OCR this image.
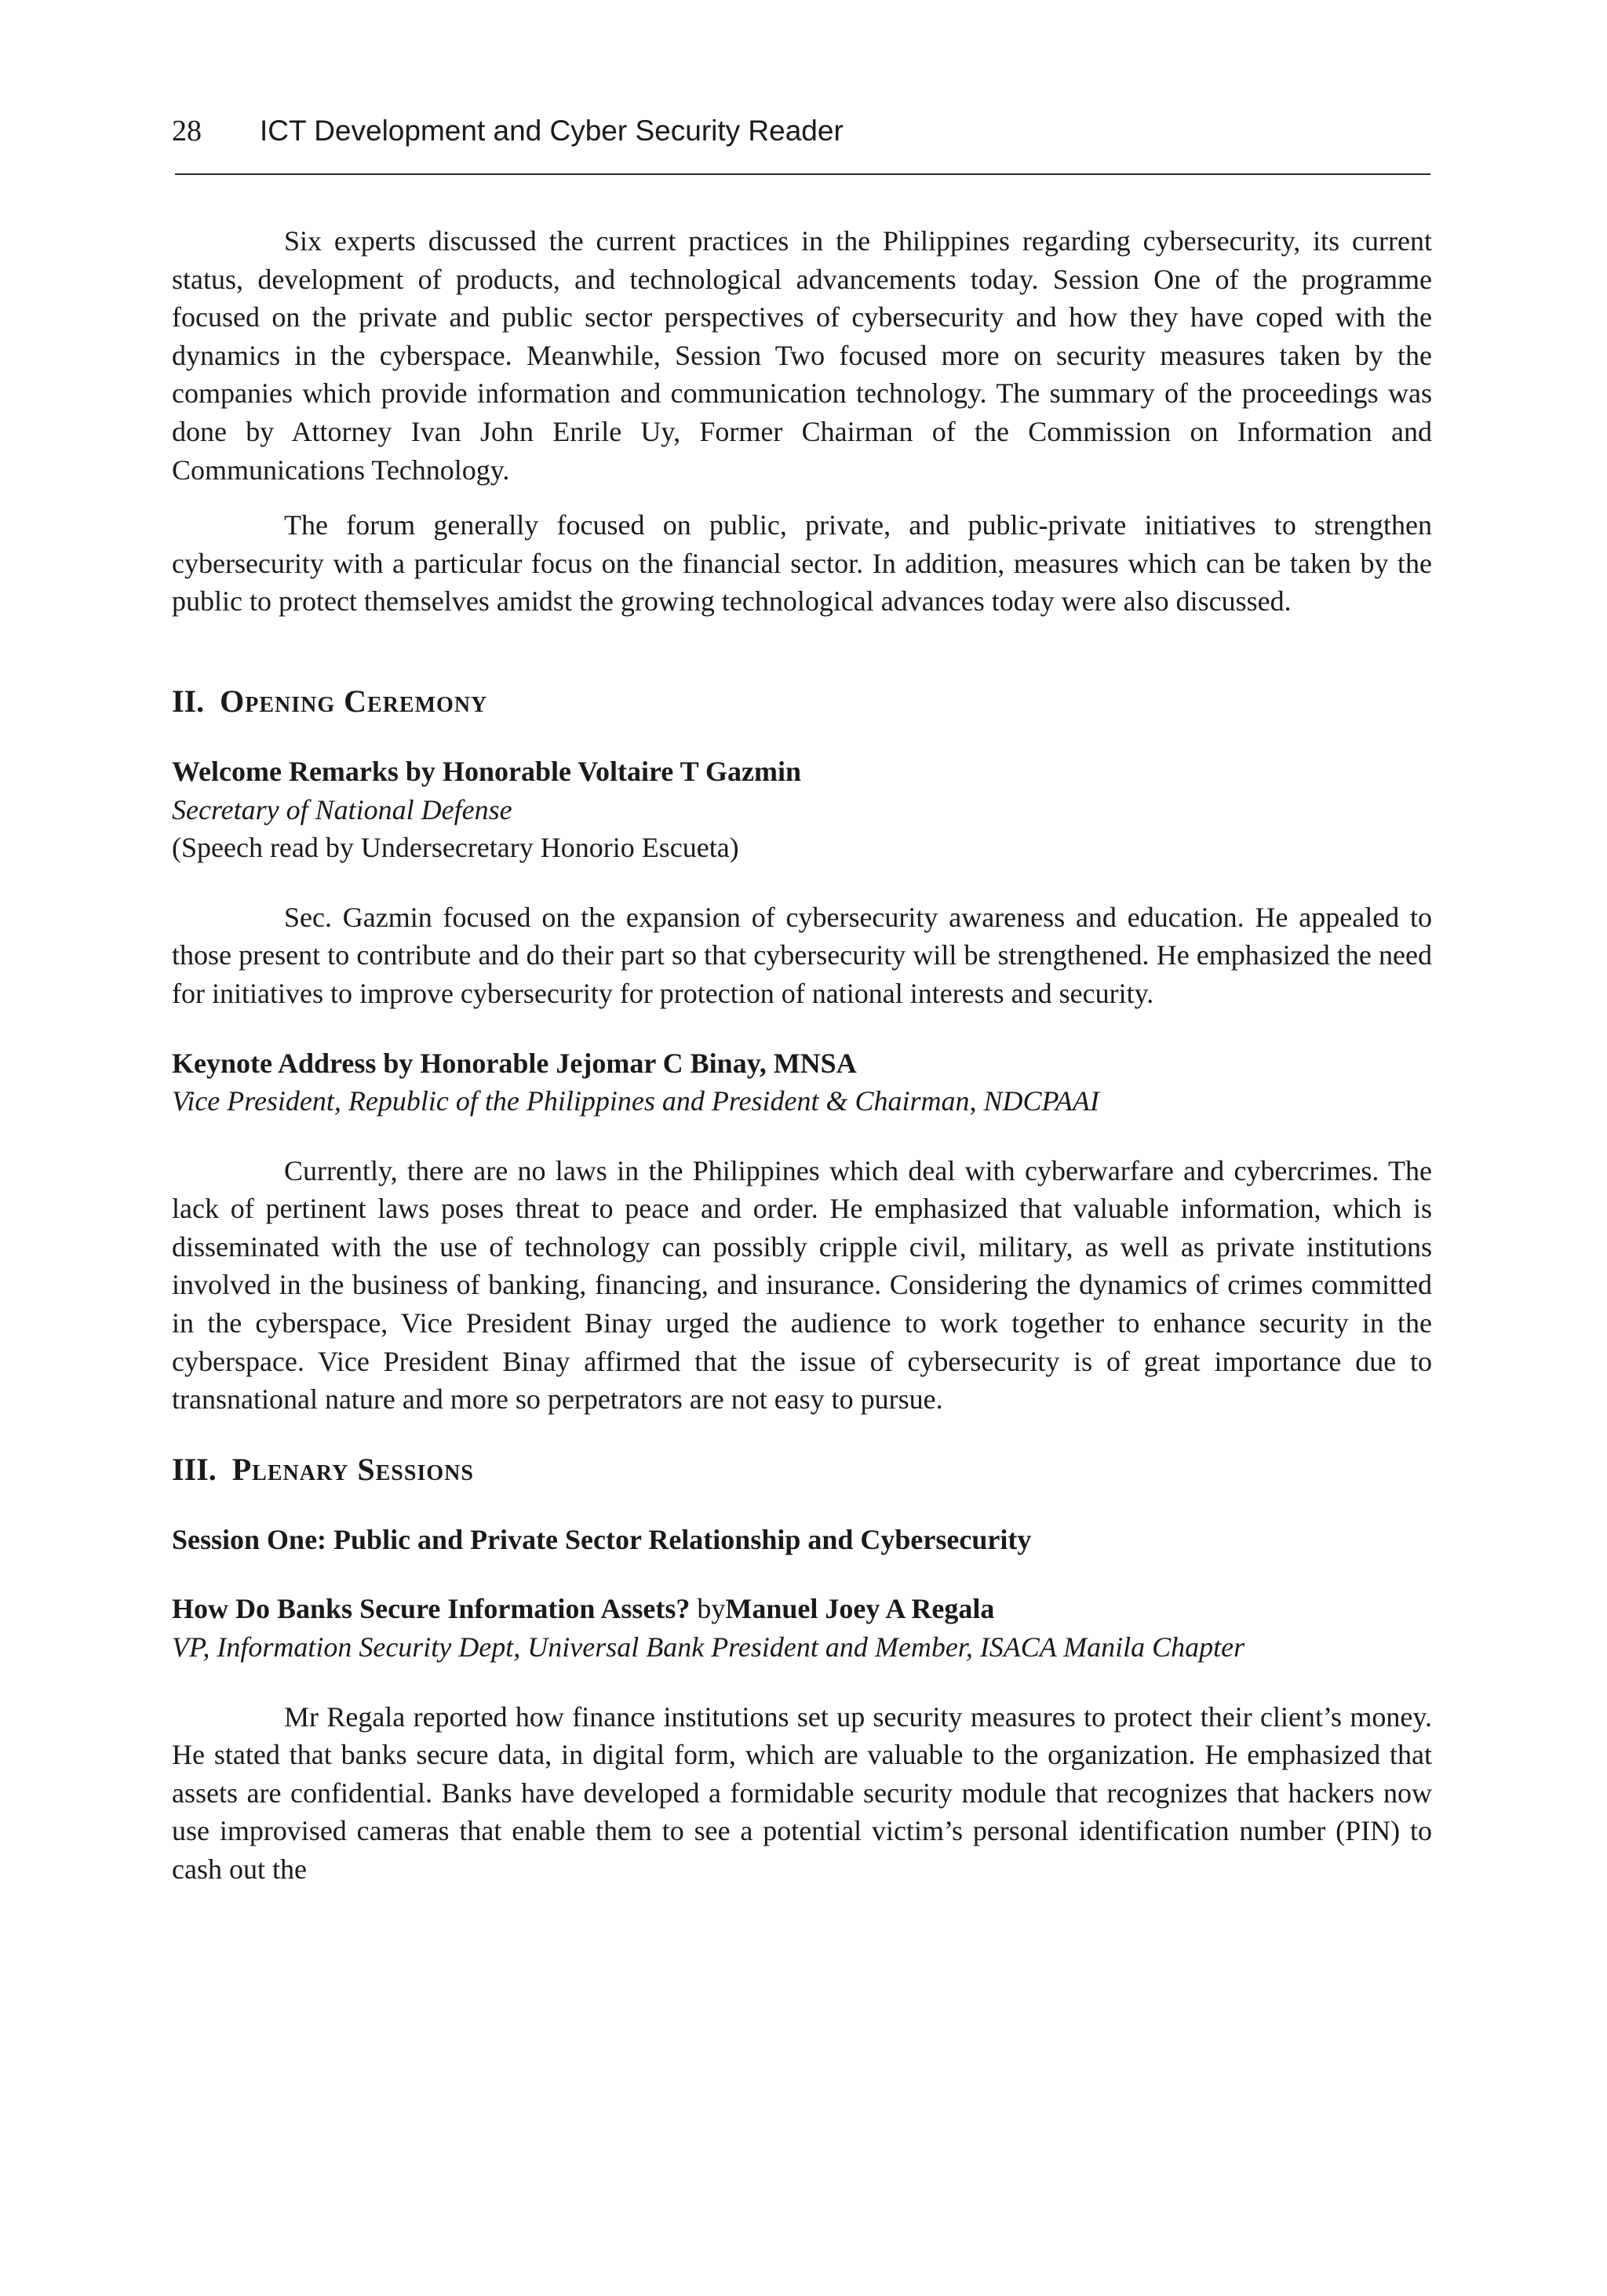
28 ICT Development and Cyber Security Reader

Six experts discussed the current practices in the Philippines regarding cybersecurity, its current status, development of products, and technological advancements today. Session One of the programme focused on the private and public sector perspectives of cybersecurity and how they have coped with the dynamics in the cyberspace. Meanwhile, Session Two focused more on security measures taken by the companies which provide information and communication technology. The summary of the proceedings was done by Attorney Ivan John Enrile Uy, Former Chairman of the Commission on Information and Communications Technology.

The forum generally focused on public, private, and public-private initiatives to strengthen cybersecurity with a particular focus on the financial sector. In addition, measures which can be taken by the public to protect themselves amidst the growing technological advances today were also discussed.

II. Opening Ceremony
Welcome Remarks by Honorable Voltaire T Gazmin
Secretary of National Defense
(Speech read by Undersecretary Honorio Escueta)

Sec. Gazmin focused on the expansion of cybersecurity awareness and education. He appealed to those present to contribute and do their part so that cybersecurity will be strengthened. He emphasized the need for initiatives to improve cybersecurity for protection of national interests and security.

Keynote Address by Honorable Jejomar C Binay, MNSA
Vice President, Republic of the Philippines and President & Chairman, NDCPAAI

Currently, there are no laws in the Philippines which deal with cyberwarfare and cybercrimes. The lack of pertinent laws poses threat to peace and order. He emphasized that valuable information, which is disseminated with the use of technology can possibly cripple civil, military, as well as private institutions involved in the business of banking, financing, and insurance. Considering the dynamics of crimes committed in the cyberspace, Vice President Binay urged the audience to work together to enhance security in the cyberspace. Vice President Binay affirmed that the issue of cybersecurity is of great importance due to transnational nature and more so perpetrators are not easy to pursue.

III. Plenary Sessions
Session One: Public and Private Sector Relationship and Cybersecurity
How Do Banks Secure Information Assets? byManuel Joey A Regala
VP, Information Security Dept, Universal Bank President and Member, ISACA Manila Chapter

Mr Regala reported how finance institutions set up security measures to protect their client’s money. He stated that banks secure data, in digital form, which are valuable to the organization. He emphasized that assets are confidential. Banks have developed a formidable security module that recognizes that hackers now use improvised cameras that enable them to see a potential victim’s personal identification number (PIN) to cash out the
